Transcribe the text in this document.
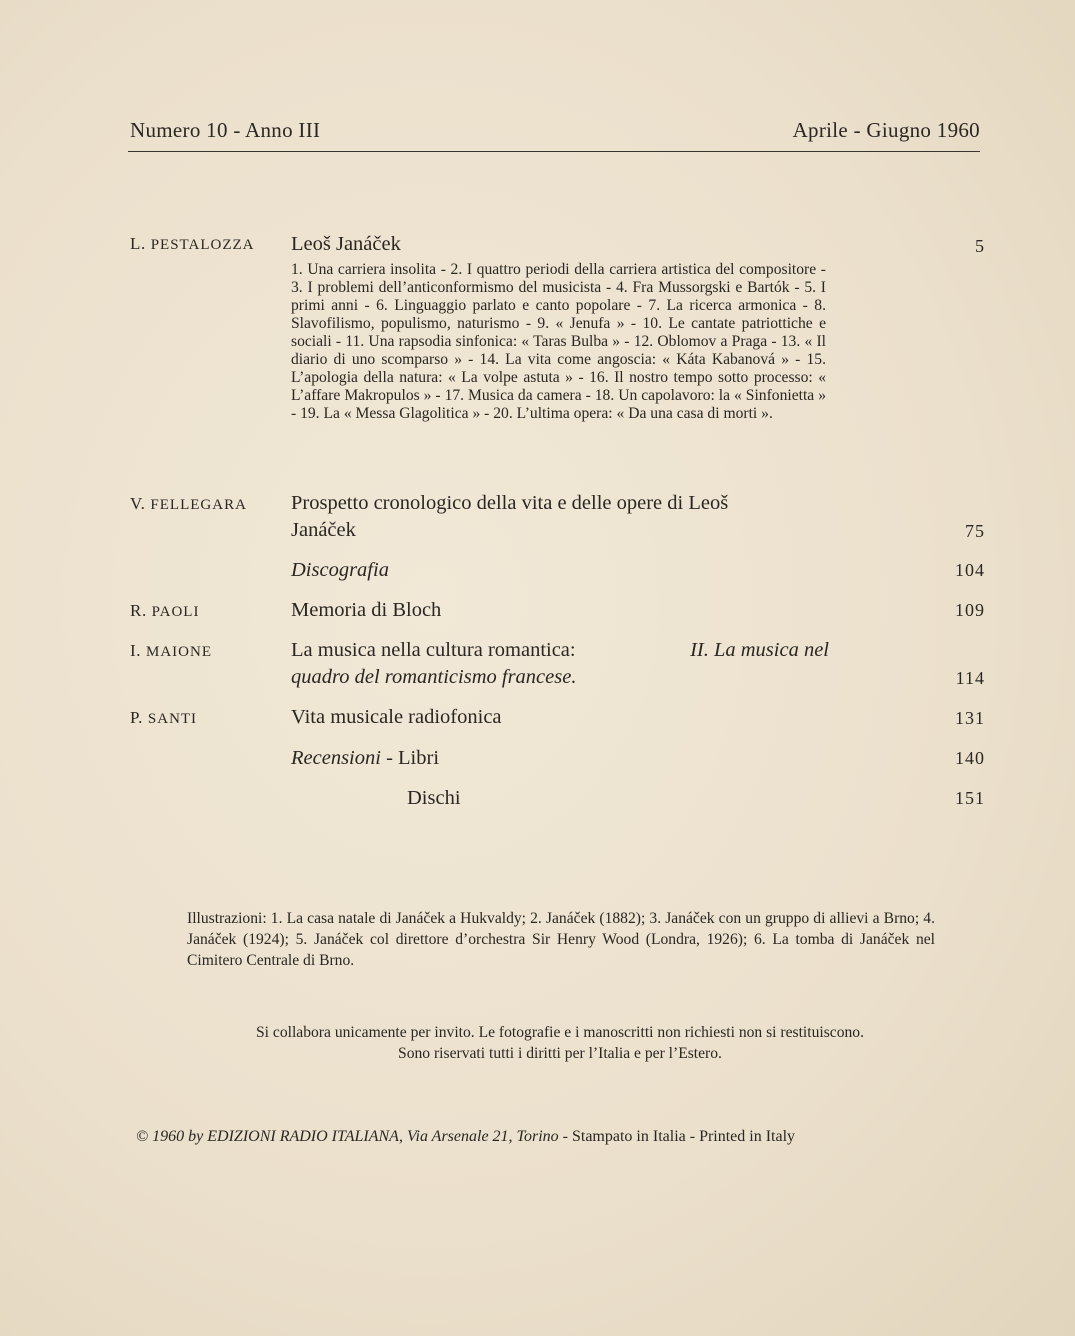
Numero 10 - Anno III	Aprile - Giugno 1960
L. PESTALOZZA Leoš Janáček	5
1. Una carriera insolita - 2. I quattro periodi della carriera artistica del compositore - 3. I problemi dell’anticonformismo del musicista - 4. Fra Mussorgski e Bartók - 5. I primi anni - 6. Linguaggio parlato e canto popolare - 7. La ricerca armonica - 8. Slavofilismo, populismo, naturismo - 9. « Jenufa » - 10. Le cantate patriottiche e sociali - 11. Una rapsodia sinfonica: « Taras Bulba » - 12. Oblomov a Praga - 13. « Il diario di uno scomparso » - 14. La vita come angoscia: « Káta Kabanová » - 15. L’apologia della natura: « La volpe astuta » - 16. Il nostro tempo sotto processo: « L’affare Makropulos » - 17. Musica da camera - 18. Un capolavoro: la « Sinfonietta » - 19. La « Messa Glagolitica » - 20. L’ultima opera: « Da una casa di morti ».
V. FELLEGARA Prospetto cronologico della vita e delle opere di Leoš
Janáček	75
Discografia	104
R. PAOLI	Memoria di Bloch	109
I. MAIONE	La musica nella cultura romantica:	II. La musica nel
quadro del romanticismo francese.	114
P. SANTI	Vita musicale radiofonica	131
Recensioni - Libri	140
Dischi	151
Illustrazioni: 1. La casa natale di Janáček a Hukvaldy; 2. Janáček (1882); 3. Janáček con un gruppo di allievi a Brno; 4. Janáček (1924); 5. Janáček col direttore d’orchestra Sir Henry Wood (Londra, 1926); 6. La tomba di Janáček nel Cimitero Centrale di Brno.
Si collabora unicamente per invito. Le fotografie e i manoscritti non richiesti non si restituiscono.
Sono riservati tutti i diritti per l’Italia e per l’Estero.
© 1960 by EDIZIONI RADIO ITALIANA, Via Arsenale 21, Torino - Stampato in Italia - Printed in Italy
